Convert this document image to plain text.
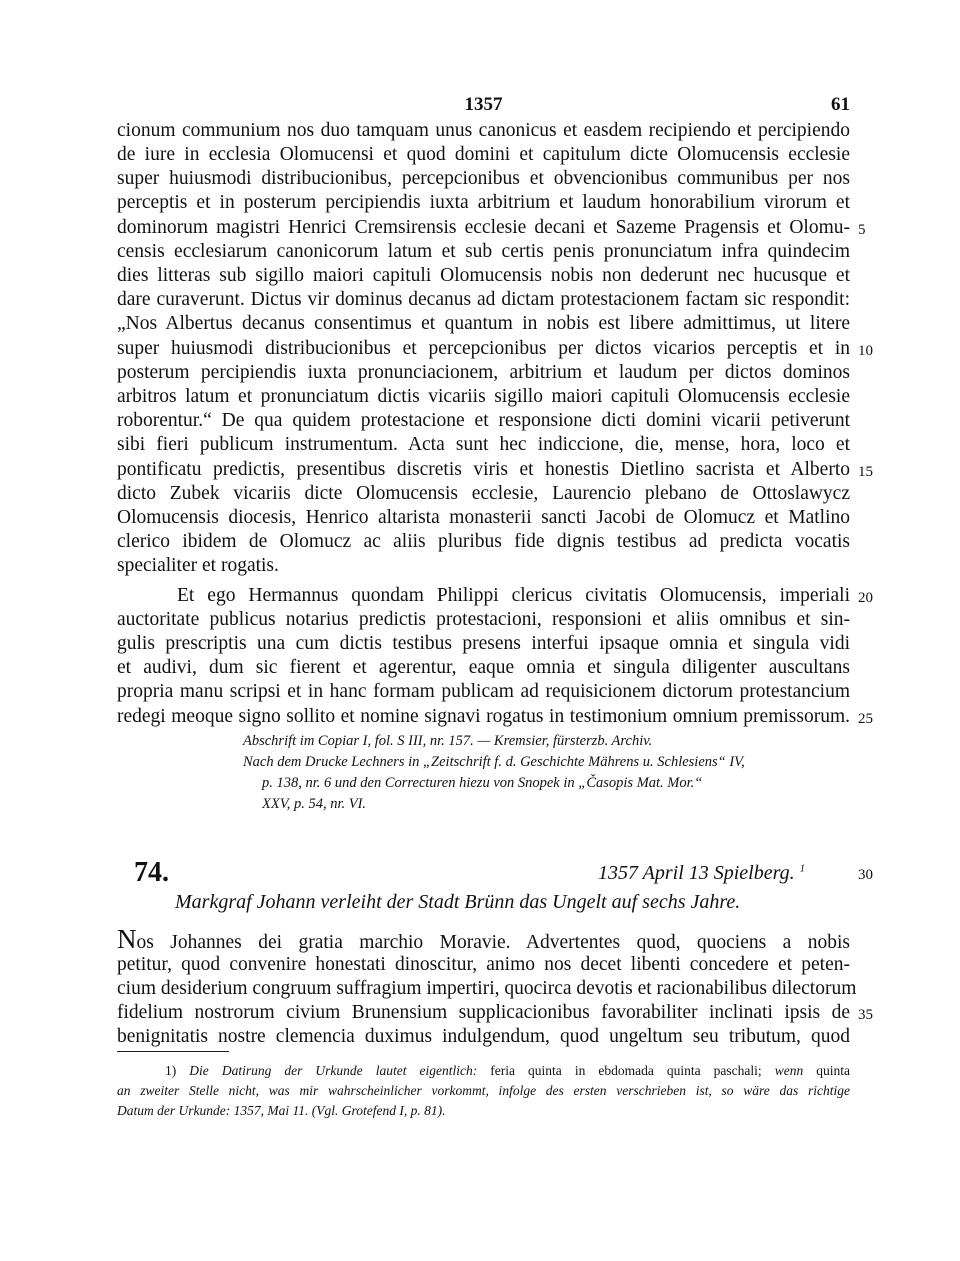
1357	61
cionum communium nos duo tamquam unus canonicus et easdem recipiendo et percipiendo
de iure in ecclesia Olomucensi et quod domini et capitulum dicte Olomucensis ecclesie
super huiusmodi distribucionibus, percepcionibus et obvencionibus communibus per nos
perceptis et in posterum percipiendis iuxta arbitrium et laudum honorabilium virorum et
dominorum magistri Henrici Cremsirensis ecclesie decani et Sazeme Pragensis et Olomu-
censis ecclesiarum canonicorum latum et sub certis penis pronunciatum infra quindecim
dies litteras sub sigillo maiori capituli Olomucensis nobis non dederunt nec hucusque et
dare curaverunt. Dictus vir dominus decanus ad dictam protestacionem factam sic respondit:
„Nos Albertus decanus consentimus et quantum in nobis est libere admittimus, ut litere
super huiusmodi distribucionibus et percepcionibus per dictos vicarios perceptis et in
posterum percipiendis iuxta pronunciacionem, arbitrium et laudum per dictos dominos
arbitros latum et pronunciatum dictis vicariis sigillo maiori capituli Olomucensis ecclesie
roborentur.“ De qua quidem protestacione et responsione dicti domini vicarii petiverunt
sibi fieri publicum instrumentum. Acta sunt hec indiccione, die, mense, hora, loco et
pontificatu predictis, presentibus discretis viris et honestis Dietlino sacrista et Alberto
dicto Zubek vicariis dicte Olomucensis ecclesie, Laurencio plebano de Ottoslawycz
Olomucensis diocesis, Henrico altarista monasterii sancti Jacobi de Olomucz et Matlino
clerico ibidem de Olomucz ac aliis pluribus fide dignis testibus ad predicta vocatis
specialiter et rogatis.
Et ego Hermannus quondam Philippi clericus civitatis Olomucensis, imperiali
auctoritate publicus notarius predictis protestacioni, responsioni et aliis omnibus et sin-
gulis prescriptis una cum dictis testibus presens interfui ipsaque omnia et singula vidi
et audivi, dum sic fierent et agerentur, eaque omnia et singula diligenter auscultans
propria manu scripsi et in hanc formam publicam ad requisicionem dictorum protestancium
redegi meoque signo sollito et nomine signavi rogatus in testimonium omnium premissorum.
5
10
15
20
25
Abschrift im Copiar I, fol. S III, nr. 157. — Kremsier, fürsterzb. Archiv.
Nach dem Drucke Lechners in „Zeitschrift f. d. Geschichte Mährens u. Schlesiens“ IV,
p. 138, nr. 6 und den Correcturen hiezu von Snopek in „Časopis Mat. Mor.“
XXV, p. 54, nr. VI.
74.	1357 April 13 Spielberg. $^1$	30
Markgraf Johann verleiht der Stadt Brünn das Ungelt auf sechs Jahre.
Nos Johannes dei gratia marchio Moravie. Advertentes quod, quociens a nobis
petitur, quod convenire honestati dinoscitur, animo nos decet libenti concedere et peten-
cium desiderium congruum suffragium impertiri, quocirca devotis et racionabilibus dilectorum
fidelium nostrorum civium Brunensium supplicacionibus favorabiliter inclinati ipsis de
benignitatis nostre clemencia duximus indulgendum, quod ungeltum seu tributum, quod
35
1) Die Datirung der Urkunde lautet eigentlich: feria quinta in ebdomada quinta paschali; wenn quinta
an zweiter Stelle nicht, was mir wahrscheinlicher vorkommt, infolge des ersten verschrieben ist, so wäre das richtige
Datum der Urkunde: 1357, Mai 11. (Vgl. Grotefend I, p. 81).
